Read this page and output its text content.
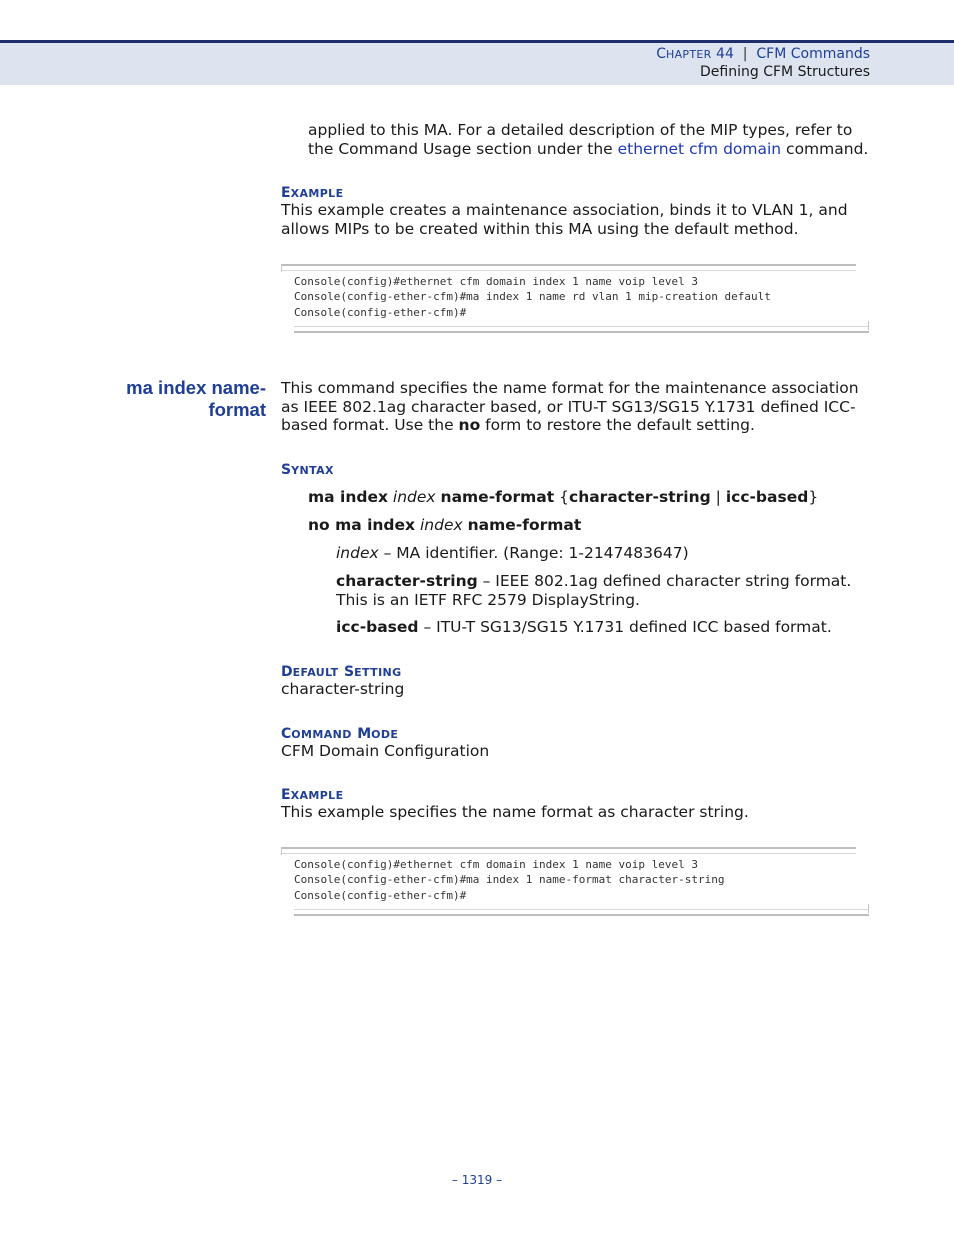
CHAPTER 44 | CFM Commands
Defining CFM Structures

applied to this MA. For a detailed description of the MIP types, refer to

the Command Usage section under the ethernet cfm domain command.

EXAMPLE

This example creates a maintenance association, binds it to VLAN 1, and

allows MIPs to be created within this MA using the default method.

Console(config)#ethernet cfm domain index 1 name voip level 3
Console(config-ether-cfm)#ma index 1 name rd vlan 1 mip-creation default
Console(config-ether-cfm)#
ma index name-
format

This command specifies the name format for the maintenance association

as IEEE 802.1ag character based, or ITU-T SG13/SG15 Y.1731 defined ICC-

based format. Use the no form to restore the default setting.

SYNTAX

ma index index name-format {character-string | icc-based}

no ma index index name-format

index – MA identifier. (Range: 1-2147483647)

character-string – IEEE 802.1ag defined character string format.

This is an IETF RFC 2579 DisplayString.

icc-based – ITU-T SG13/SG15 Y.1731 defined ICC based format.

DEFAULT SETTING

character-string

COMMAND MODE

CFM Domain Configuration

EXAMPLE

This example specifies the name format as character string.

Console(config)#ethernet cfm domain index 1 name voip level 3
Console(config-ether-cfm)#ma index 1 name-format character-string
Console(config-ether-cfm)#
– 1319 –
